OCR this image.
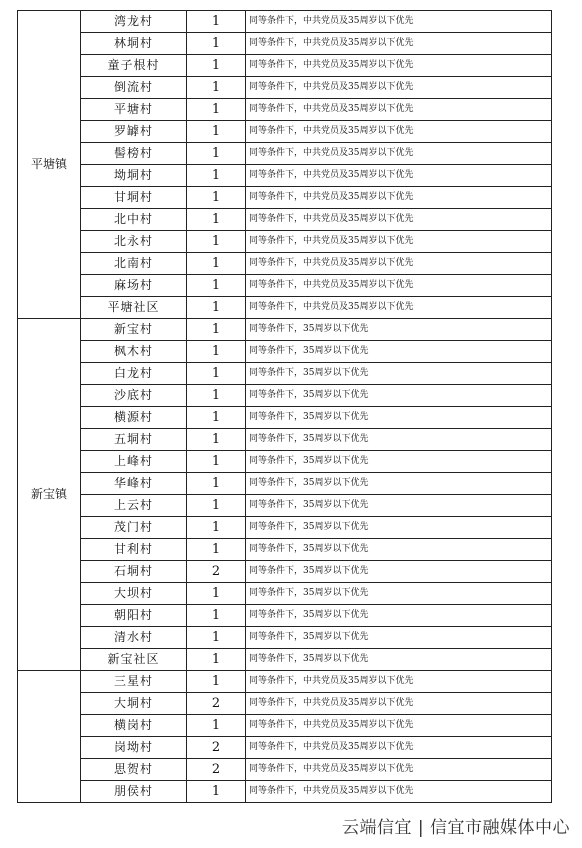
平塘镇	湾龙村	1	同等条件下，中共党员及35周岁以下优先
	林垌村	1	同等条件下，中共党员及35周岁以下优先
	童子根村	1	同等条件下，中共党员及35周岁以下优先
	倒流村	1	同等条件下，中共党员及35周岁以下优先
	平塘村	1	同等条件下，中共党员及35周岁以下优先
	罗罅村	1	同等条件下，中共党员及35周岁以下优先
	髻榜村	1	同等条件下，中共党员及35周岁以下优先
	坳垌村	1	同等条件下，中共党员及35周岁以下优先
	甘垌村	1	同等条件下，中共党员及35周岁以下优先
	北中村	1	同等条件下，中共党员及35周岁以下优先
	北永村	1	同等条件下，中共党员及35周岁以下优先
	北南村	1	同等条件下，中共党员及35周岁以下优先
	麻场村	1	同等条件下，中共党员及35周岁以下优先
	平塘社区	1	同等条件下，中共党员及35周岁以下优先
新宝镇	新宝村	1	同等条件下，35周岁以下优先
	枫木村	1	同等条件下，35周岁以下优先
	白龙村	1	同等条件下，35周岁以下优先
	沙底村	1	同等条件下，35周岁以下优先
	横源村	1	同等条件下，35周岁以下优先
	五垌村	1	同等条件下，35周岁以下优先
	上峰村	1	同等条件下，35周岁以下优先
	华峰村	1	同等条件下，35周岁以下优先
	上云村	1	同等条件下，35周岁以下优先
	茂门村	1	同等条件下，35周岁以下优先
	甘利村	1	同等条件下，35周岁以下优先
	石垌村	2	同等条件下，35周岁以下优先
	大坝村	1	同等条件下，35周岁以下优先
	朝阳村	1	同等条件下，35周岁以下优先
	清水村	1	同等条件下，35周岁以下优先
	新宝社区	1	同等条件下，35周岁以下优先
	三星村	1	同等条件下，中共党员及35周岁以下优先
	大垌村	2	同等条件下，中共党员及35周岁以下优先
	横岗村	1	同等条件下，中共党员及35周岁以下优先
	岗坳村	2	同等条件下，中共党员及35周岁以下优先
	思贺村	2	同等条件下，中共党员及35周岁以下优先
	朋侯村	1	同等条件下，中共党员及35周岁以下优先
云端信宜 | 信宜市融媒体中心
